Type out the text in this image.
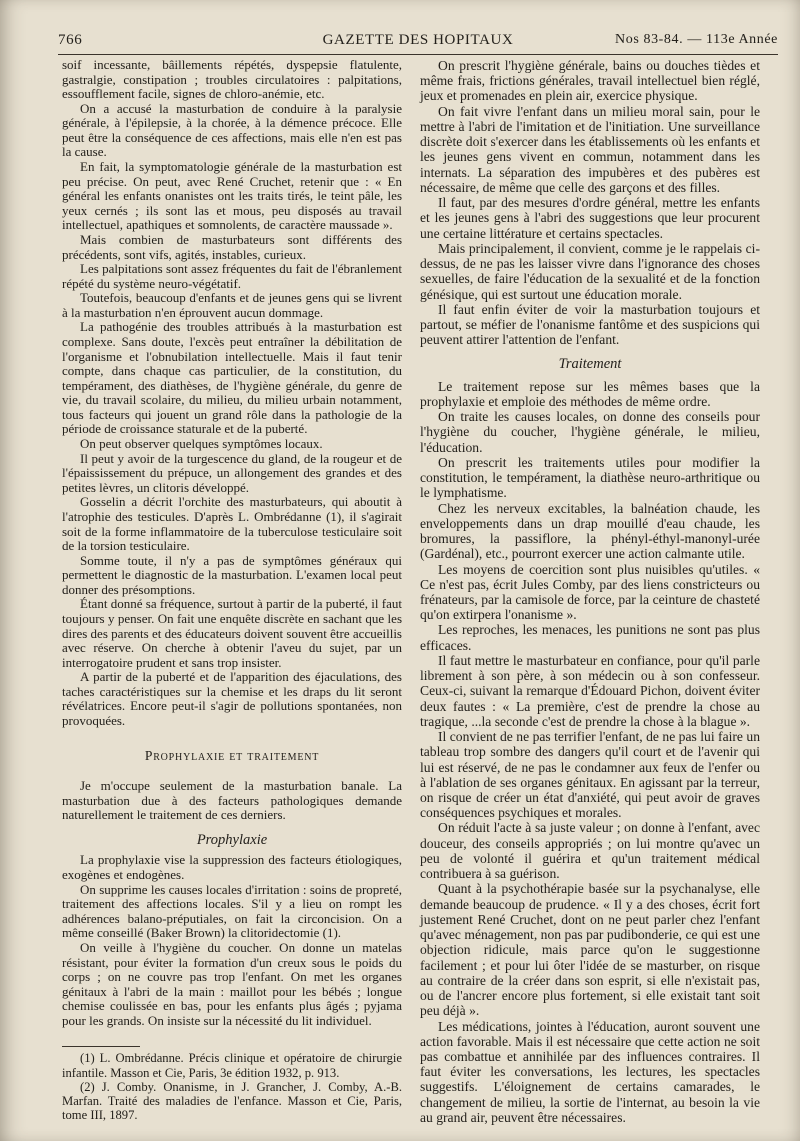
766	GAZETTE DES HOPITAUX	Nos 83-84. — 113e Année

soif incessante, bâillements répétés, dyspepsie flatulente, gastralgie, constipation ; troubles circulatoires : palpitations, essoufflement facile, signes de chloro-anémie, etc.

On a accusé la masturbation de conduire à la paralysie générale, à l'épilepsie, à la chorée, à la démence précoce. Elle peut être la conséquence de ces affections, mais elle n'en est pas la cause.

En fait, la symptomatologie générale de la masturbation est peu précise. On peut, avec René Cruchet, retenir que : « En général les enfants onanistes ont les traits tirés, le teint pâle, les yeux cernés ; ils sont las et mous, peu disposés au travail intellectuel, apathiques et somnolents, de caractère maussade ».

Mais combien de masturbateurs sont différents des précédents, sont vifs, agités, instables, curieux.

Les palpitations sont assez fréquentes du fait de l'ébranlement répété du système neuro-végétatif.

Toutefois, beaucoup d'enfants et de jeunes gens qui se livrent à la masturbation n'en éprouvent aucun dommage.

La pathogénie des troubles attribués à la masturbation est complexe. Sans doute, l'excès peut entraîner la débilitation de l'organisme et l'obnubilation intellectuelle. Mais il faut tenir compte, dans chaque cas particulier, de la constitution, du tempérament, des diathèses, de l'hygiène générale, du genre de vie, du travail scolaire, du milieu, du milieu urbain notamment, tous facteurs qui jouent un grand rôle dans la pathologie de la période de croissance staturale et de la puberté.

On peut observer quelques symptômes locaux.

Il peut y avoir de la turgescence du gland, de la rougeur et de l'épaississement du prépuce, un allongement des grandes et des petites lèvres, un clitoris développé.

Gosselin a décrit l'orchite des masturbateurs, qui aboutit à l'atrophie des testicules. D'après L. Ombrédanne (1), il s'agirait soit de la forme inflammatoire de la tuberculose testiculaire soit de la torsion testiculaire.

Somme toute, il n'y a pas de symptômes généraux qui permettent le diagnostic de la masturbation. L'examen local peut donner des présomptions.

Étant donné sa fréquence, surtout à partir de la puberté, il faut toujours y penser. On fait une enquête discrète en sachant que les dires des parents et des éducateurs doivent souvent être accueillis avec réserve. On cherche à obtenir l'aveu du sujet, par un interrogatoire prudent et sans trop insister.

A partir de la puberté et de l'apparition des éjaculations, des taches caractéristiques sur la chemise et les draps du lit seront révélatrices. Encore peut-il s'agir de pollutions spontanées, non provoquées.

Prophylaxie et traitement

Je m'occupe seulement de la masturbation banale. La masturbation due à des facteurs pathologiques demande naturellement le traitement de ces derniers.

Prophylaxie

La prophylaxie vise la suppression des facteurs étiologiques, exogènes et endogènes.

On supprime les causes locales d'irritation : soins de propreté, traitement des affections locales. S'il y a lieu on rompt les adhérences balano-préputiales, on fait la circoncision. On a même conseillé (Baker Brown) la clitoridectomie (1).

On veille à l'hygiène du coucher. On donne un matelas résistant, pour éviter la formation d'un creux sous le poids du corps ; on ne couvre pas trop l'enfant. On met les organes génitaux à l'abri de la main : maillot pour les bébés ; longue chemise coulissée en bas, pour les enfants plus âgés ; pyjama pour les grands. On insiste sur la nécessité du lit individuel.

(1) L. Ombrédanne. Précis clinique et opératoire de chirurgie infantile. Masson et Cie, Paris, 3e édition 1932, p. 913.

(2) J. Comby. Onanisme, in J. Grancher, J. Comby, A.-B. Marfan. Traité des maladies de l'enfance. Masson et Cie, Paris, tome III, 1897.

On prescrit l'hygiène générale, bains ou douches tièdes et même frais, frictions générales, travail intellectuel bien réglé, jeux et promenades en plein air, exercice physique.

On fait vivre l'enfant dans un milieu moral sain, pour le mettre à l'abri de l'imitation et de l'initiation. Une surveillance discrète doit s'exercer dans les établissements où les enfants et les jeunes gens vivent en commun, notamment dans les internats. La séparation des impubères et des pubères est nécessaire, de même que celle des garçons et des filles.

Il faut, par des mesures d'ordre général, mettre les enfants et les jeunes gens à l'abri des suggestions que leur procurent une certaine littérature et certains spectacles.

Mais principalement, il convient, comme je le rappelais ci-dessus, de ne pas les laisser vivre dans l'ignorance des choses sexuelles, de faire l'éducation de la sexualité et de la fonction génésique, qui est surtout une éducation morale.

Il faut enfin éviter de voir la masturbation toujours et partout, se méfier de l'onanisme fantôme et des suspicions qui peuvent attirer l'attention de l'enfant.

Traitement

Le traitement repose sur les mêmes bases que la prophylaxie et emploie des méthodes de même ordre.

On traite les causes locales, on donne des conseils pour l'hygiène du coucher, l'hygiène générale, le milieu, l'éducation.

On prescrit les traitements utiles pour modifier la constitution, le tempérament, la diathèse neuro-arthritique ou le lymphatisme.

Chez les nerveux excitables, la balnéation chaude, les enveloppements dans un drap mouillé d'eau chaude, les bromures, la passiflore, la phényl-éthyl-manonyl-urée (Gardénal), etc., pourront exercer une action calmante utile.

Les moyens de coercition sont plus nuisibles qu'utiles. « Ce n'est pas, écrit Jules Comby, par des liens constricteurs ou frénateurs, par la camisole de force, par la ceinture de chasteté qu'on extirpera l'onanisme ».

Les reproches, les menaces, les punitions ne sont pas plus efficaces.

Il faut mettre le masturbateur en confiance, pour qu'il parle librement à son père, à son médecin ou à son confesseur. Ceux-ci, suivant la remarque d'Édouard Pichon, doivent éviter deux fautes : « La première, c'est de prendre la chose au tragique, ...la seconde c'est de prendre la chose à la blague ».

Il convient de ne pas terrifier l'enfant, de ne pas lui faire un tableau trop sombre des dangers qu'il court et de l'avenir qui lui est réservé, de ne pas le condamner aux feux de l'enfer ou à l'ablation de ses organes génitaux. En agissant par la terreur, on risque de créer un état d'anxiété, qui peut avoir de graves conséquences psychiques et morales.

On réduit l'acte à sa juste valeur ; on donne à l'enfant, avec douceur, des conseils appropriés ; on lui montre qu'avec un peu de volonté il guérira et qu'un traitement médical contribuera à sa guérison.

Quant à la psychothérapie basée sur la psychanalyse, elle demande beaucoup de prudence. « Il y a des choses, écrit fort justement René Cruchet, dont on ne peut parler chez l'enfant qu'avec ménagement, non pas par pudibonderie, ce qui est une objection ridicule, mais parce qu'on le suggestionne facilement ; et pour lui ôter l'idée de se masturber, on risque au contraire de la créer dans son esprit, si elle n'existait pas, ou de l'ancrer encore plus fortement, si elle existait tant soit peu déjà ».

Les médications, jointes à l'éducation, auront souvent une action favorable. Mais il est nécessaire que cette action ne soit pas combattue et annihilée par des influences contraires. Il faut éviter les conversations, les lectures, les spectacles suggestifs. L'éloignement de certains camarades, le changement de milieu, la sortie de l'internat, au besoin la vie au grand air, peuvent être nécessaires.
